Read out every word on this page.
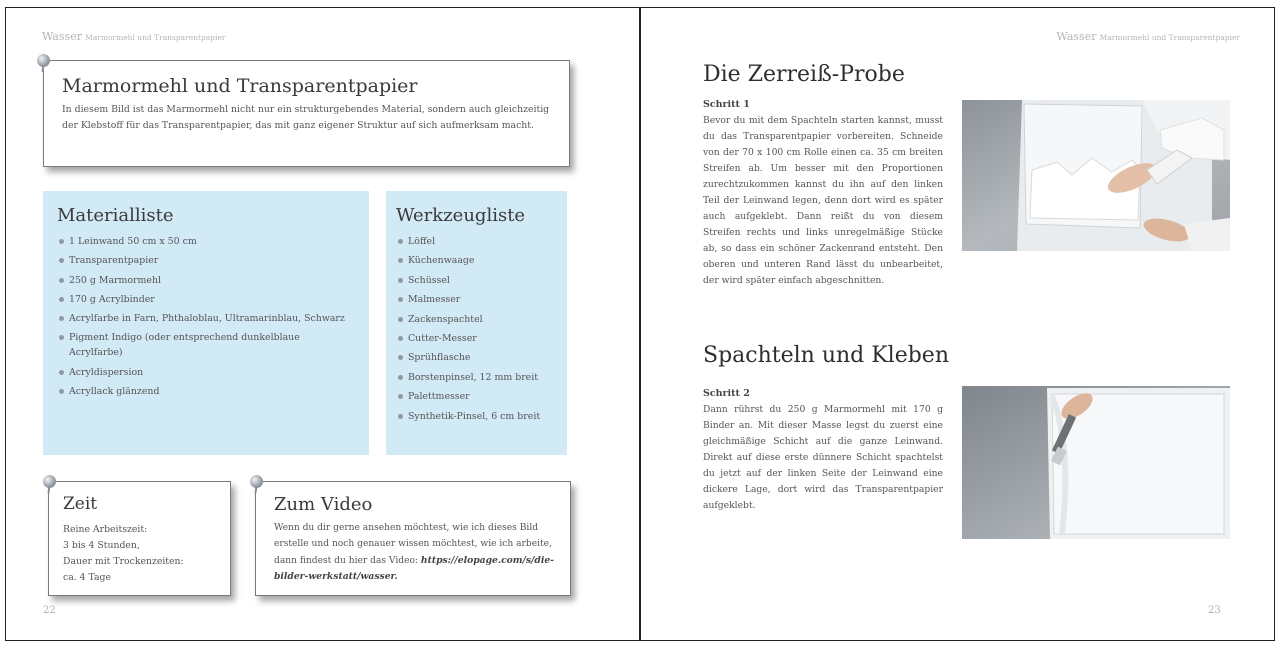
Wasser Marmormehl und Transparentpapier
Marmormehl und Transparentpapier
In diesem Bild ist das Marmormehl nicht nur ein strukturgebendes Material, sondern auch gleichzeitig der Klebstoff für das Transparentpapier, das mit ganz eigener Struktur auf sich aufmerksam macht.
Materialliste
1 Leinwand 50 cm x 50 cm
Transparentpapier
250 g Marmormehl
170 g Acrylbinder
Acrylfarbe in Farn, Phthaloblau, Ultramarinblau, Schwarz
Pigment Indigo (oder entsprechend dunkelblaue Acrylfarbe)
Acryldispersion
Acryllack glänzend
Werkzeugliste
Löffel
Küchenwaage
Schüssel
Malmesser
Zackenspachtel
Cutter-Messer
Sprühflasche
Borstenpinsel, 12 mm breit
Palettmesser
Synthetik-Pinsel, 6 cm breit
Zeit
Reine Arbeitszeit:
3 bis 4 Stunden,
Dauer mit Trockenzeiten:
ca. 4 Tage
Zum Video
Wenn du dir gerne ansehen möchtest, wie ich dieses Bild erstelle und noch genauer wissen möchtest, wie ich arbeite, dann findest du hier das Video: https://elopage.com/s/die-bilder-werkstatt/wasser.
22
Wasser Marmormehl und Transparentpapier
Die Zerreiß-Probe
Schritt 1
Bevor du mit dem Spachteln starten kannst, musst du das Transparentpapier vorbereiten. Schneide von der 70 x 100 cm Rolle einen ca. 35 cm breiten Streifen ab. Um besser mit den Proportionen zurechtzukommen kannst du ihn auf den linken Teil der Leinwand legen, denn dort wird es später auch aufgeklebt. Dann reißt du von diesem Streifen rechts und links unregelmäßige Stücke ab, so dass ein schöner Zackenrand entsteht. Den oberen und unteren Rand lässt du unbearbeitet, der wird später einfach abgeschnitten.
Spachteln und Kleben
Schritt 2
Dann rührst du 250 g Marmormehl mit 170 g Binder an. Mit dieser Masse legst du zuerst eine gleichmäßige Schicht auf die ganze Leinwand. Direkt auf diese erste dünnere Schicht spachtelst du jetzt auf der linken Seite der Leinwand eine dickere Lage, dort wird das Transparentpapier aufgeklebt.
23
